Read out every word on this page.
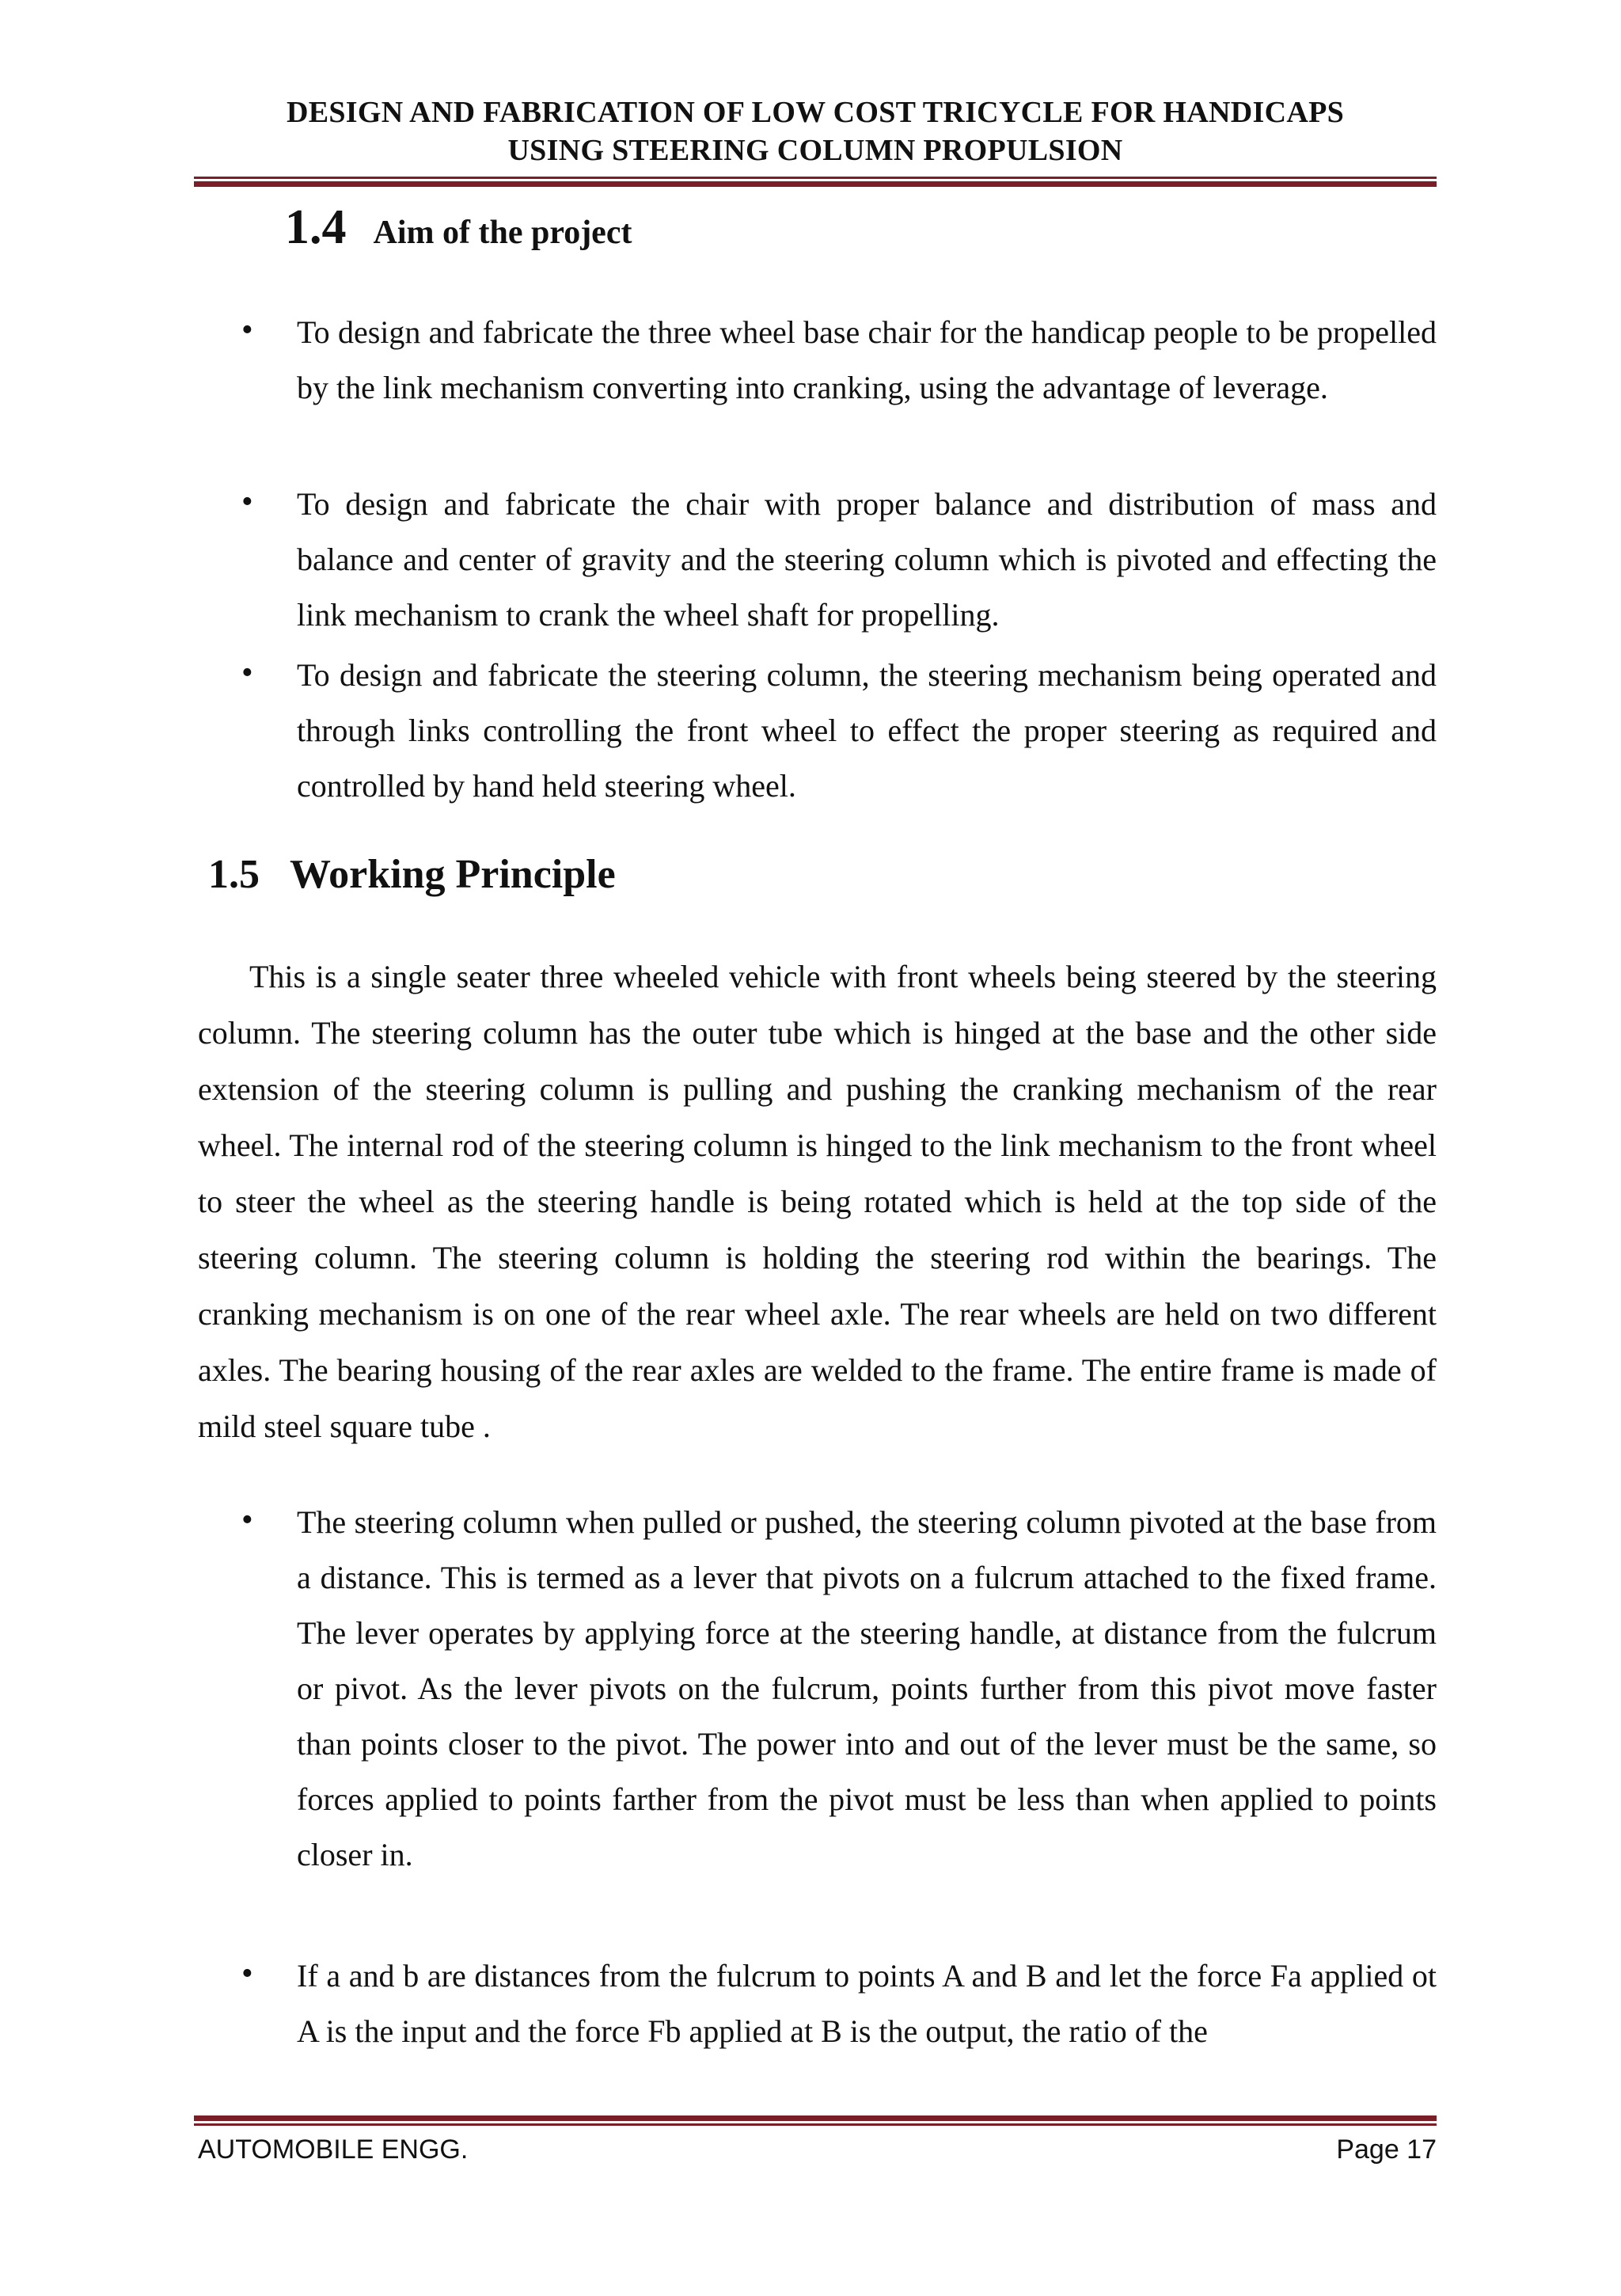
DESIGN AND FABRICATION OF LOW COST TRICYCLE FOR HANDICAPS
USING STEERING COLUMN PROPULSION
1.4 Aim of the project
• To design and fabricate the three wheel base chair for the handicap people to be propelled by the link mechanism converting into cranking, using the advantage of leverage.
• To design and fabricate the chair with proper balance and distribution of mass and balance and center of gravity and the steering column which is pivoted and effecting the link mechanism to crank the wheel shaft for propelling.
• To design and fabricate the steering column, the steering mechanism being operated and through links controlling the front wheel to effect the proper steering as required and controlled by hand held steering wheel.
1.5 Working Principle
This is a single seater three wheeled vehicle with front wheels being steered by the steering column. The steering column has the outer tube which is hinged at the base and the other side extension of the steering column is pulling and pushing the cranking mechanism of the rear wheel. The internal rod of the steering column is hinged to the link mechanism to the front wheel to steer the wheel as the steering handle is being rotated which is held at the top side of the steering column. The steering column is holding the steering rod within the bearings. The cranking mechanism is on one of the rear wheel axle. The rear wheels are held on two different axles. The bearing housing of the rear axles are welded to the frame. The entire frame is made of mild steel square tube .
• The steering column when pulled or pushed, the steering column pivoted at the base from a distance. This is termed as a lever that pivots on a fulcrum attached to the fixed frame. The lever operates by applying force at the steering handle, at distance from the fulcrum or pivot. As the lever pivots on the fulcrum, points further from this pivot move faster than points closer to the pivot. The power into and out of the lever must be the same, so forces applied to points farther from the pivot must be less than when applied to points closer in.
• If a and b are distances from the fulcrum to points A and B and let the force Fa applied ot A is the input and the force Fb applied at B is the output, the ratio of the
AUTOMOBILE ENGG.	Page 17
